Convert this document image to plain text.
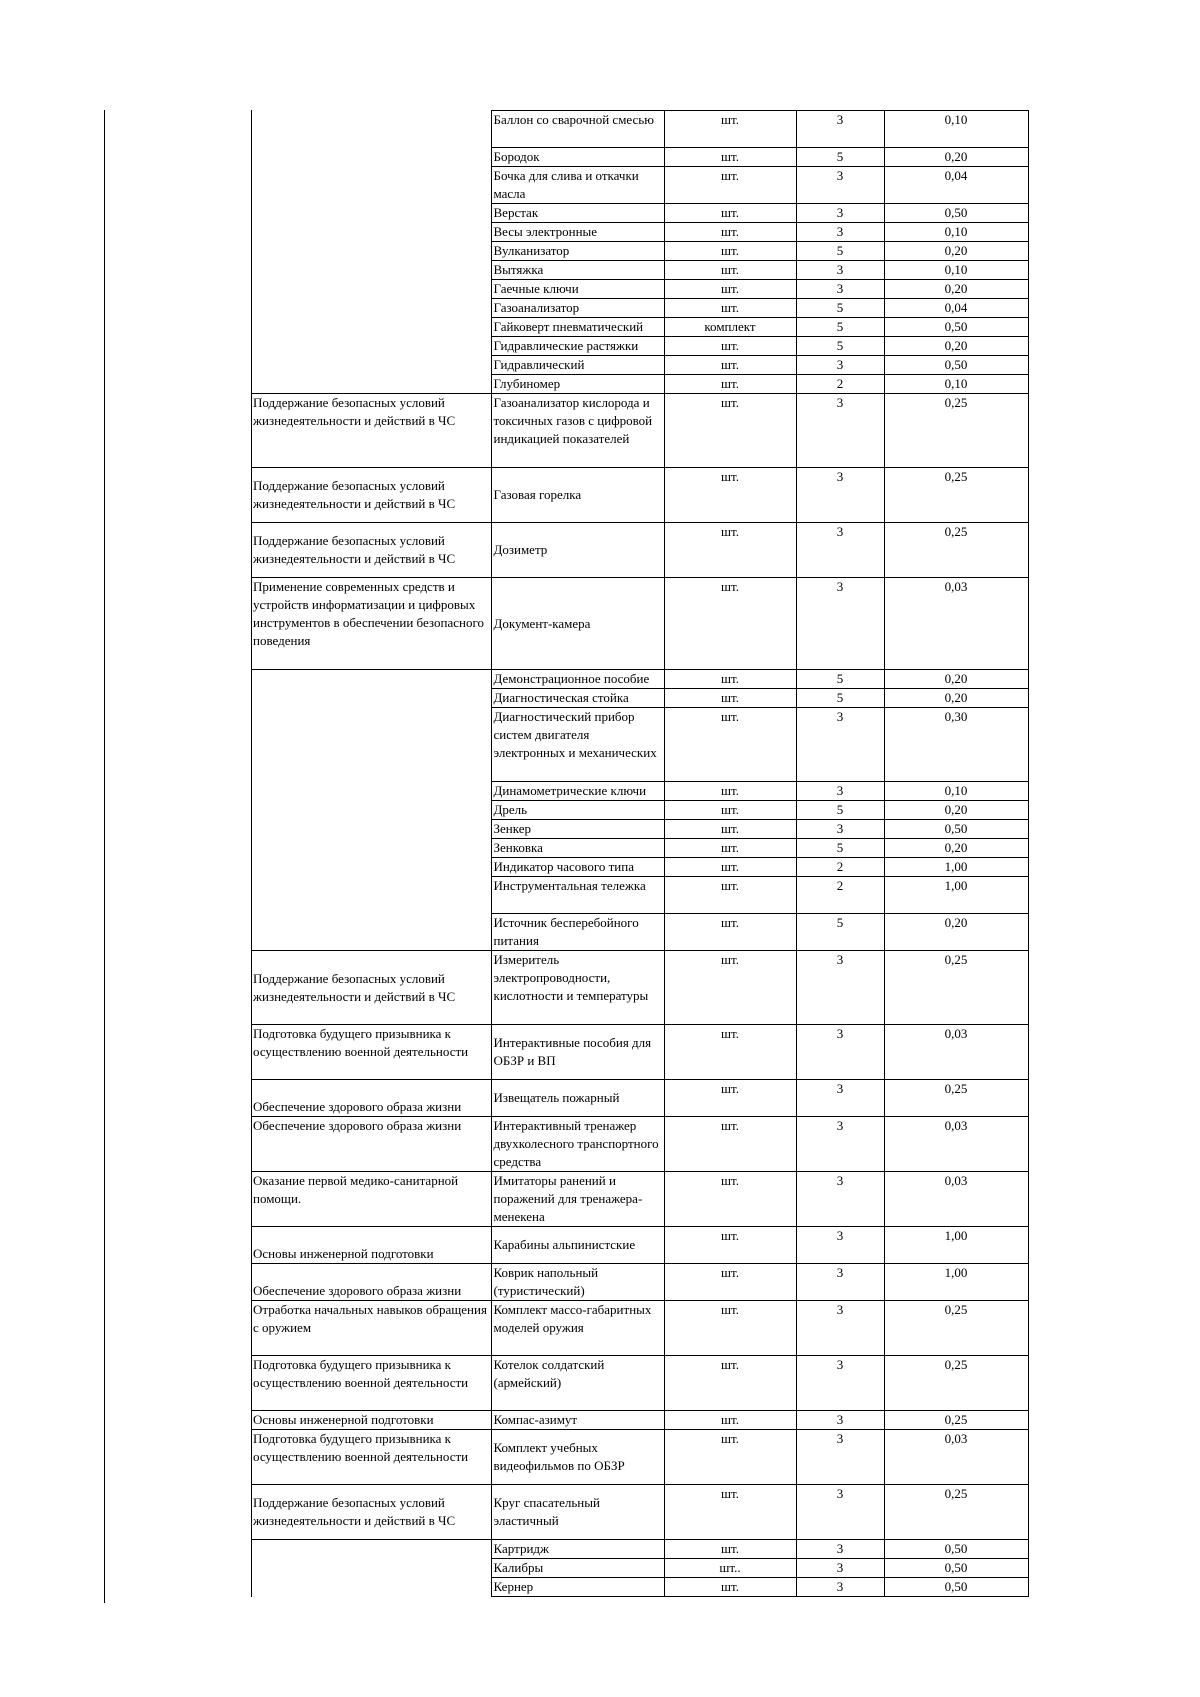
	Баллон со сварочной смесью	шт.	3	0,10
	Бородок	шт.	5	0,20
	Бочка для слива и откачки масла	шт.	3	0,04
	Верстак	шт.	3	0,50
	Весы электронные	шт.	3	0,10
	Вулканизатор	шт.	5	0,20
	Вытяжка	шт.	3	0,10
	Гаечные ключи	шт.	3	0,20
	Газоанализатор	шт.	5	0,04
	Гайковерт пневматический	комплект	5	0,50
	Гидравлические растяжки	шт.	5	0,20
	Гидравлический	шт.	3	0,50
	Глубиномер	шт.	2	0,10
Поддержание безопасных условий жизнедеятельности и действий в ЧС	Газоанализатор кислорода и токсичных газов с цифровой индикацией показателей	шт.	3	0,25
Поддержание безопасных условий жизнедеятельности и действий в ЧС	Газовая горелка	шт.	3	0,25
Поддержание безопасных условий жизнедеятельности и действий в ЧС	Дозиметр	шт.	3	0,25
Применение современных средств и устройств информатизации и цифровых инструментов в обеспечении безопасного поведения	Документ-камера	шт.	3	0,03
	Демонстрационное пособие	шт.	5	0,20
	Диагностическая стойка	шт.	5	0,20
	Диагностический прибор систем двигателя электронных и механических	шт.	3	0,30
	Динамометрические ключи	шт.	3	0,10
	Дрель	шт.	5	0,20
	Зенкер	шт.	3	0,50
	Зенковка	шт.	5	0,20
	Индикатор часового типа	шт.	2	1,00
	Инструментальная тележка	шт.	2	1,00
	Источник бесперебойного питания	шт.	5	0,20
Поддержание безопасных условий жизнедеятельности и действий в ЧС	Измеритель электропроводности, кислотности и температуры	шт.	3	0,25
Подготовка будущего призывника к осуществлению военной деятельности	Интерактивные пособия для ОБЗР и ВП	шт.	3	0,03
Обеспечение здорового образа жизни	Извещатель пожарный	шт.	3	0,25
Обеспечение здорового образа жизни	Интерактивный тренажер двухколесного транспортного средства	шт.	3	0,03
Оказание первой медико-санитарной помощи.	Имитаторы ранений и поражений для тренажера-менекена	шт.	3	0,03
Основы инженерной подготовки	Карабины альпинистские	шт.	3	1,00
Обеспечение здорового образа жизни	Коврик напольный (туристический)	шт.	3	1,00
Отработка начальных навыков обращения с оружием	Комплект массо-габаритных моделей оружия	шт.	3	0,25
Подготовка будущего призывника к осуществлению военной деятельности	Котелок солдатский (армейский)	шт.	3	0,25
Основы инженерной подготовки	Компас-азимут	шт.	3	0,25
Подготовка будущего призывника к осуществлению военной деятельности	Комплект учебных видеофильмов по ОБЗР	шт.	3	0,03
Поддержание безопасных условий жизнедеятельности и действий в ЧС	Круг спасательный эластичный	шт.	3	0,25
	Картридж	шт.	3	0,50
	Калибры	шт..	3	0,50
	Кернер	шт.	3	0,50
